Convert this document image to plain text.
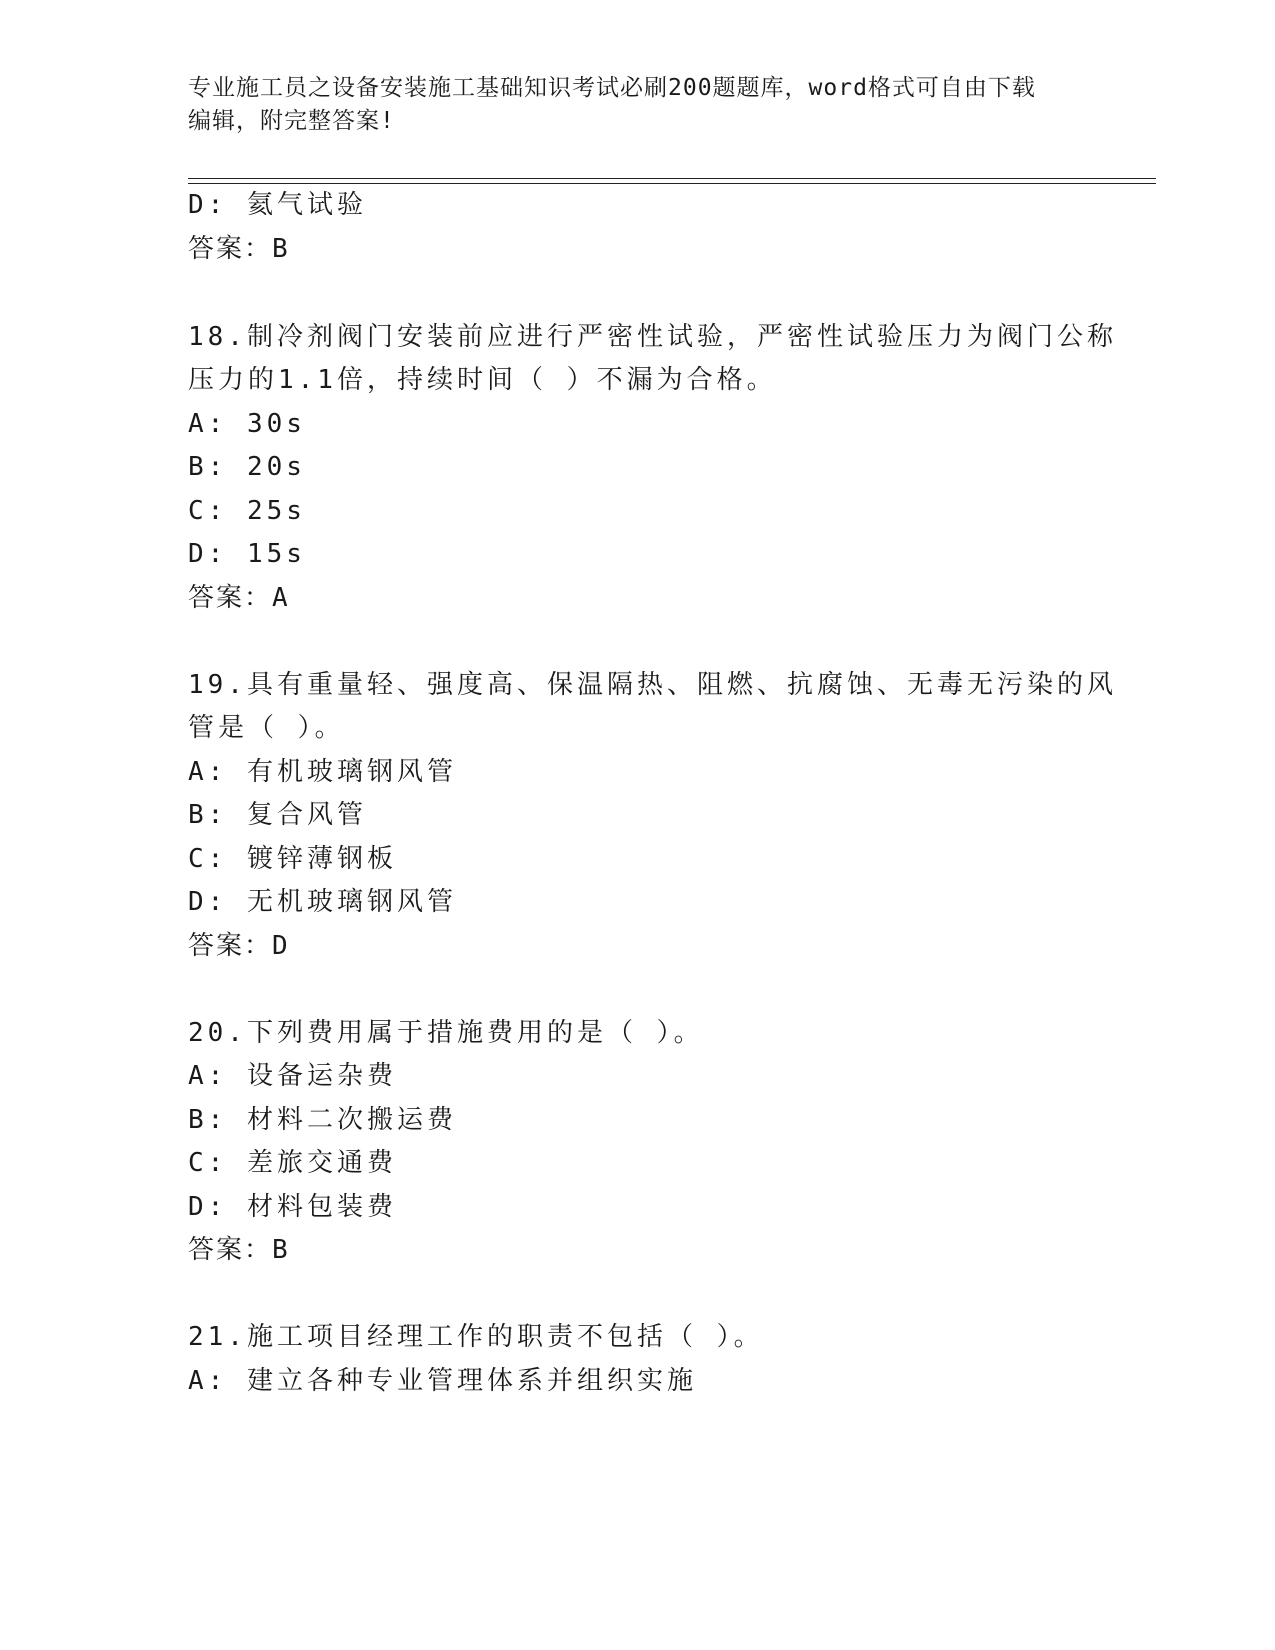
专业施工员之设备安装施工基础知识考试必刷200题题库，word格式可自由下载
编辑，附完整答案!
D: 氦气试验
答案：B
18.制冷剂阀门安装前应进行严密性试验，严密性试验压力为阀门公称
压力的1.1倍，持续时间（ ）不漏为合格。
A: 30s
B: 20s
C: 25s
D: 15s
答案：A
19.具有重量轻、强度高、保温隔热、阻燃、抗腐蚀、无毒无污染的风
管是（ ）。
A: 有机玻璃钢风管
B: 复合风管
C: 镀锌薄钢板
D: 无机玻璃钢风管
答案：D
20.下列费用属于措施费用的是（ ）。
A: 设备运杂费
B: 材料二次搬运费
C: 差旅交通费
D: 材料包装费
答案：B
21.施工项目经理工作的职责不包括（ ）。
A: 建立各种专业管理体系并组织实施
